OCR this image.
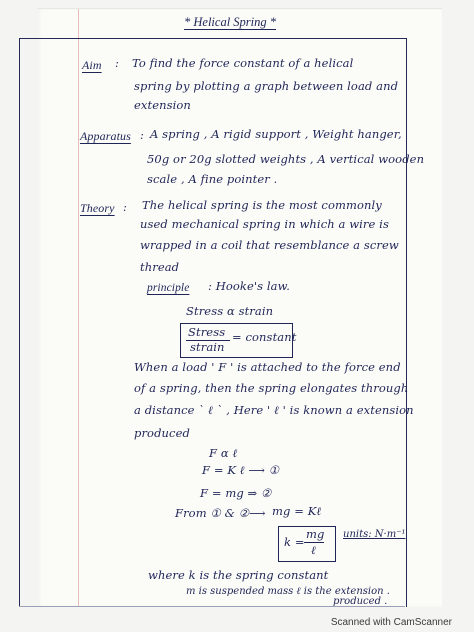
* Helical Spring *
Aim : To find the force constant of a helical
spring by plotting a graph between load and
extension
Apparatus : A spring , A rigid support , Weight hanger,
50g or 20g slotted weights , A vertical wooden
scale , A fine pointer .
Theory : The helical spring is the most commonly
used mechanical spring in which a wire is
wrapped in a coil that resemblance a screw
thread
principle : Hooke's law.
Stress α strain
Stress
strain
= constant
When a load ' F ' is attached to the force end
of a spring, then the spring elongates through
a distance ` ℓ ` , Here ' ℓ ' is known a extension
produced
F α ℓ
F = K ℓ ⟶ ①
F = mg ⇒ ②
From ① & ② ⟶ mg = Kℓ
k =
mg
ℓ
units: N·m⁻¹
where k is the spring constant
m is suspended mass ℓ is the extension .
produced .
Scanned with CamScanner
